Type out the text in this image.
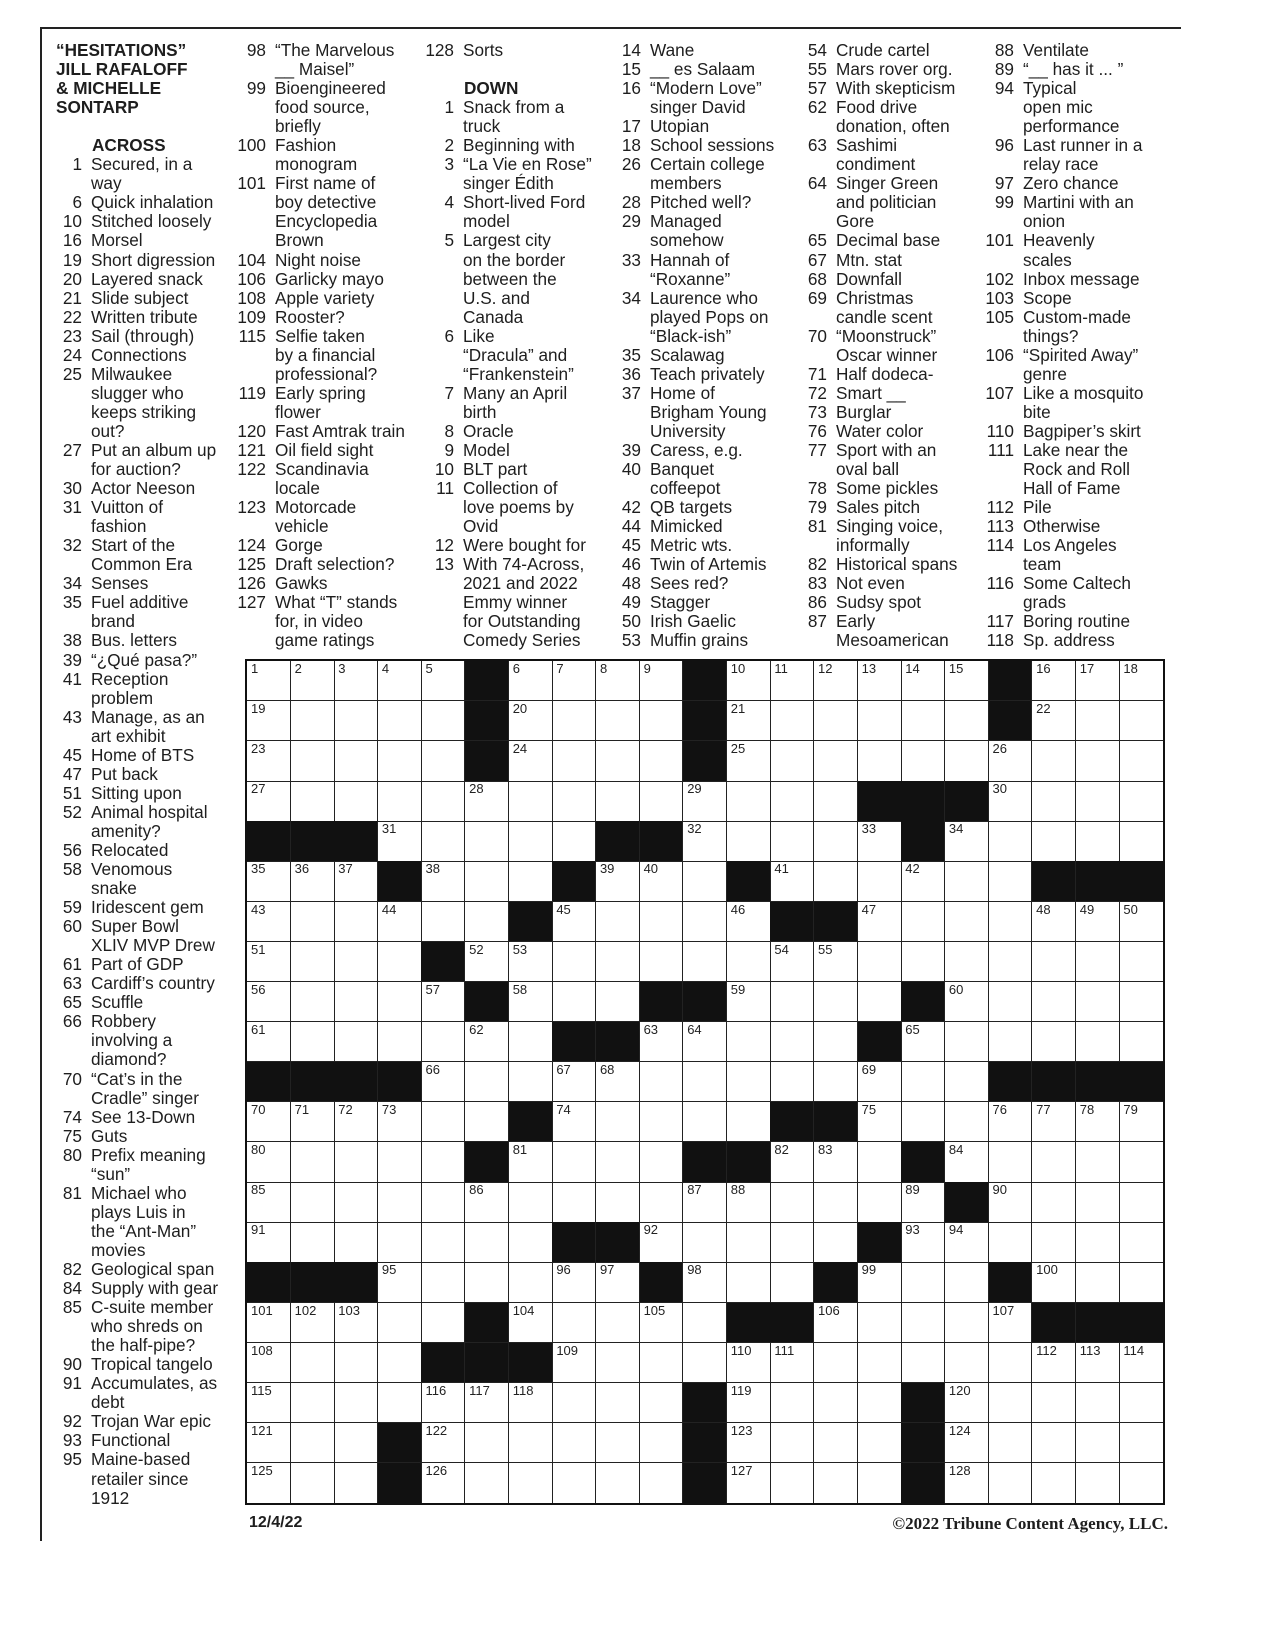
“HESITATIONS”
JILL RAFALOFF
& MICHELLE
SONTARP
ACROSS
1 Secured, in a
way
6 Quick inhalation
10 Stitched loosely
16 Morsel
19 Short digression
20 Layered snack
21 Slide subject
22 Written tribute
23 Sail (through)
24 Connections
25 Milwaukee
slugger who
keeps striking
out?
27 Put an album up
for auction?
30 Actor Neeson
31 Vuitton of
fashion
32 Start of the
Common Era
34 Senses
35 Fuel additive
brand
38 Bus. letters
39 “¿Qué pasa?”
41 Reception
problem
43 Manage, as an
art exhibit
45 Home of BTS
47 Put back
51 Sitting upon
52 Animal hospital
amenity?
56 Relocated
58 Venomous
snake
59 Iridescent gem
60 Super Bowl
XLIV MVP Drew
61 Part of GDP
63 Cardiff’s country
65 Scuffle
66 Robbery
involving a
diamond?
70 “Cat’s in the
Cradle” singer
74 See 13-Down
75 Guts
80 Prefix meaning
“sun”
81 Michael who
plays Luis in
the “Ant-Man”
movies
82 Geological span
84 Supply with gear
85 C-suite member
who shreds on
the half-pipe?
90 Tropical tangelo
91 Accumulates, as
debt
92 Trojan War epic
93 Functional
95 Maine-based
retailer since
1912
98 “The Marvelous
__ Maisel”
99 Bioengineered
food source,
briefly
100 Fashion
monogram
101 First name of
boy detective
Encyclopedia
Brown
104 Night noise
106 Garlicky mayo
108 Apple variety
109 Rooster?
115 Selfie taken
by a financial
professional?
119 Early spring
flower
120 Fast Amtrak train
121 Oil field sight
122 Scandinavia
locale
123 Motorcade
vehicle
124 Gorge
125 Draft selection?
126 Gawks
127 What “T” stands
for, in video
game ratings
128 Sorts
DOWN
1 Snack from a
truck
2 Beginning with
3 “La Vie en Rose”
singer Édith
4 Short-lived Ford
model
5 Largest city
on the border
between the
U.S. and
Canada
6 Like
“Dracula” and
“Frankenstein”
7 Many an April
birth
8 Oracle
9 Model
10 BLT part
11 Collection of
love poems by
Ovid
12 Were bought for
13 With 74-Across,
2021 and 2022
Emmy winner
for Outstanding
Comedy Series
14 Wane
15 __ es Salaam
16 “Modern Love”
singer David
17 Utopian
18 School sessions
26 Certain college
members
28 Pitched well?
29 Managed
somehow
33 Hannah of
“Roxanne”
34 Laurence who
played Pops on
“Black-ish”
35 Scalawag
36 Teach privately
37 Home of
Brigham Young
University
39 Caress, e.g.
40 Banquet
coffeepot
42 QB targets
44 Mimicked
45 Metric wts.
46 Twin of Artemis
48 Sees red?
49 Stagger
50 Irish Gaelic
53 Muffin grains
54 Crude cartel
55 Mars rover org.
57 With skepticism
62 Food drive
donation, often
63 Sashimi
condiment
64 Singer Green
and politician
Gore
65 Decimal base
67 Mtn. stat
68 Downfall
69 Christmas
candle scent
70 “Moonstruck”
Oscar winner
71 Half dodeca-
72 Smart __
73 Burglar
76 Water color
77 Sport with an
oval ball
78 Some pickles
79 Sales pitch
81 Singing voice,
informally
82 Historical spans
83 Not even
86 Sudsy spot
87 Early
Mesoamerican
88 Ventilate
89 “__ has it ... ”
94 Typical
open mic
performance
96 Last runner in a
relay race
97 Zero chance
99 Martini with an
onion
101 Heavenly
scales
102 Inbox message
103 Scope
105 Custom-made
things?
106 “Spirited Away”
genre
107 Like a mosquito
bite
110 Bagpiper’s skirt
111 Lake near the
Rock and Roll
Hall of Fame
112 Pile
113 Otherwise
114 Los Angeles
team
116 Some Caltech
grads
117 Boring routine
118 Sp. address
1	2	3	4	5	6	7	8	9	10 11 12 13 14 15	16 17 18
19	20	21	22
23	24	25	26
27	28	29	30
31	32	33	34
35 36 37	38	39 40	41	42
43	44	45	46	47	48 49 50
51	52 53	54 55
56	57	58	59	60
61	62	63 64	65
66	67 68	69
70 71 72 73	74	75	76 77 78 79
80	81	82 83	84
85	86	87 88	89	90
91	92	93 94
95	96 97	98	99	100
101 102 103	104	105	106	107
108	109	110 111	112 113 114
115	116 117 118	119	120
121	122	123	124
125	126	127	128
12/4/22	©2022 Tribune Content Agency, LLC.
